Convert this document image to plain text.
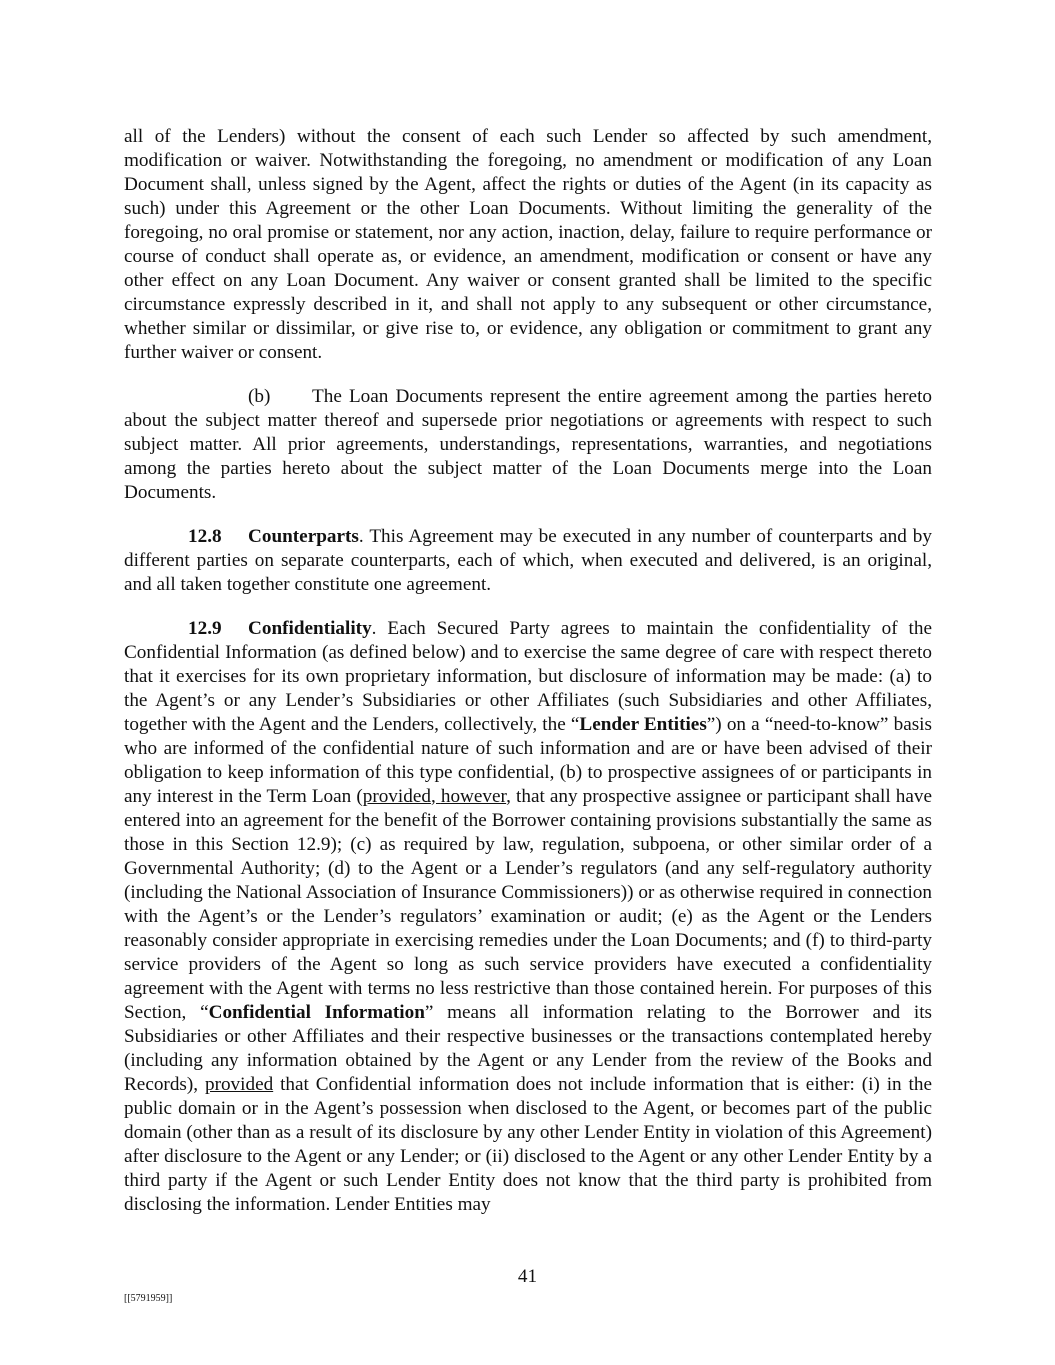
all of the Lenders) without the consent of each such Lender so affected by such amendment, modification or waiver. Notwithstanding the foregoing, no amendment or modification of any Loan Document shall, unless signed by the Agent, affect the rights or duties of the Agent (in its capacity as such) under this Agreement or the other Loan Documents. Without limiting the generality of the foregoing, no oral promise or statement, nor any action, inaction, delay, failure to require performance or course of conduct shall operate as, or evidence, an amendment, modification or consent or have any other effect on any Loan Document. Any waiver or consent granted shall be limited to the specific circumstance expressly described in it, and shall not apply to any subsequent or other circumstance, whether similar or dissimilar, or give rise to, or evidence, any obligation or commitment to grant any further waiver or consent.

(b) The Loan Documents represent the entire agreement among the parties hereto about the subject matter thereof and supersede prior negotiations or agreements with respect to such subject matter. All prior agreements, understandings, representations, warranties, and negotiations among the parties hereto about the subject matter of the Loan Documents merge into the Loan Documents.

12.8 Counterparts. This Agreement may be executed in any number of counterparts and by different parties on separate counterparts, each of which, when executed and delivered, is an original, and all taken together constitute one agreement.

12.9 Confidentiality. Each Secured Party agrees to maintain the confidentiality of the Confidential Information (as defined below) and to exercise the same degree of care with respect thereto that it exercises for its own proprietary information, but disclosure of information may be made: (a) to the Agent’s or any Lender’s Subsidiaries or other Affiliates (such Subsidiaries and other Affiliates, together with the Agent and the Lenders, collectively, the “Lender Entities”) on a “need-to-know” basis who are informed of the confidential nature of such information and are or have been advised of their obligation to keep information of this type confidential, (b) to prospective assignees of or participants in any interest in the Term Loan (provided, however, that any prospective assignee or participant shall have entered into an agreement for the benefit of the Borrower containing provisions substantially the same as those in this Section 12.9); (c) as required by law, regulation, subpoena, or other similar order of a Governmental Authority; (d) to the Agent or a Lender’s regulators (and any self-regulatory authority (including the National Association of Insurance Commissioners)) or as otherwise required in connection with the Agent’s or the Lender’s regulators’ examination or audit; (e) as the Agent or the Lenders reasonably consider appropriate in exercising remedies under the Loan Documents; and (f) to third-party service providers of the Agent so long as such service providers have executed a confidentiality agreement with the Agent with terms no less restrictive than those contained herein. For purposes of this Section, “Confidential Information” means all information relating to the Borrower and its Subsidiaries or other Affiliates and their respective businesses or the transactions contemplated hereby (including any information obtained by the Agent or any Lender from the review of the Books and Records), provided that Confidential information does not include information that is either: (i) in the public domain or in the Agent’s possession when disclosed to the Agent, or becomes part of the public domain (other than as a result of its disclosure by any other Lender Entity in violation of this Agreement) after disclosure to the Agent or any Lender; or (ii) disclosed to the Agent or any other Lender Entity by a third party if the Agent or such Lender Entity does not know that the third party is prohibited from disclosing the information. Lender Entities may

41
[[5791959]]
